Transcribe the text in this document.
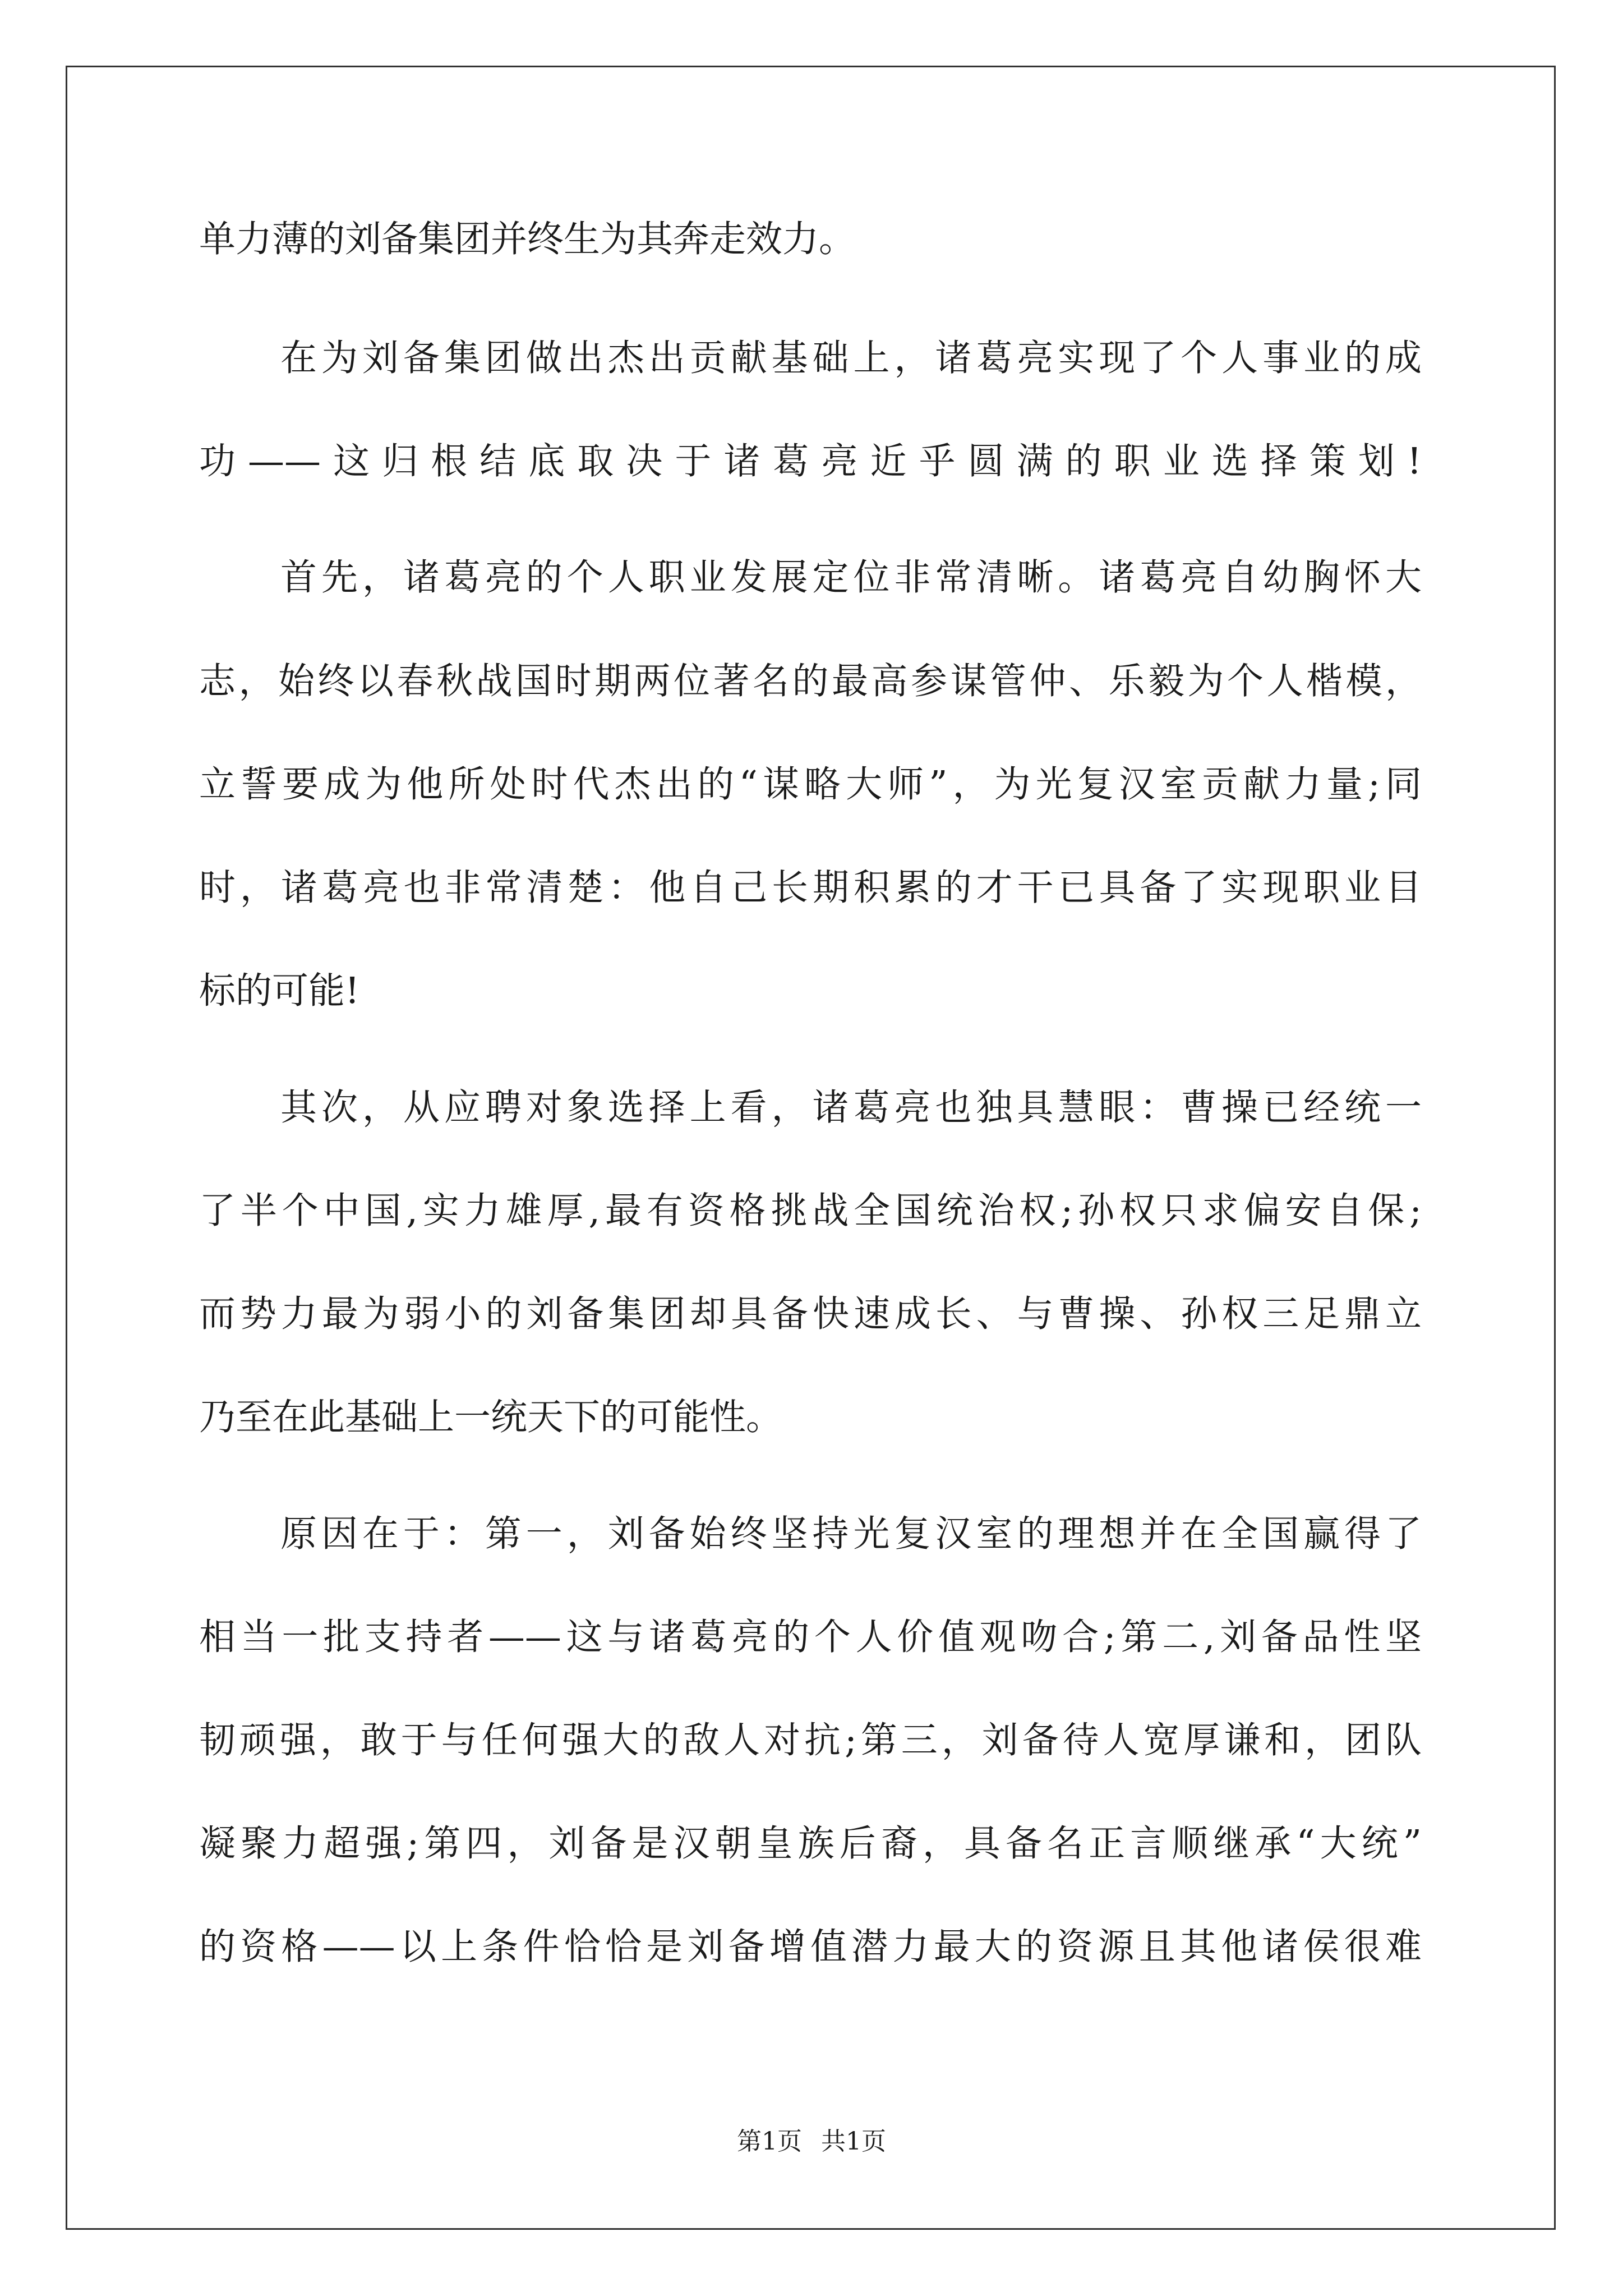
单力薄的刘备集团并终生为其奔走效力。
在为刘备集团做出杰出贡献基础上，诸葛亮实现了个人事业的成
功——这归根结底取决于诸葛亮近乎圆满的职业选择策划!
首先，诸葛亮的个人职业发展定位非常清晰。诸葛亮自幼胸怀大
志，始终以春秋战国时期两位著名的最高参谋管仲、乐毅为个人楷模，
立誓要成为他所处时代杰出的“谋略大师”，为光复汉室贡献力量;同
时，诸葛亮也非常清楚：他自己长期积累的才干已具备了实现职业目
标的可能!
其次，从应聘对象选择上看，诸葛亮也独具慧眼：曹操已经统一
了半个中国,实力雄厚,最有资格挑战全国统治权;孙权只求偏安自保;
而势力最为弱小的刘备集团却具备快速成长、与曹操、孙权三足鼎立
乃至在此基础上一统天下的可能性。
原因在于：第一，刘备始终坚持光复汉室的理想并在全国赢得了
相当一批支持者——这与诸葛亮的个人价值观吻合;第二,刘备品性坚
韧顽强，敢于与任何强大的敌人对抗;第三，刘备待人宽厚谦和，团队
凝聚力超强;第四，刘备是汉朝皇族后裔，具备名正言顺继承“大统”
的资格——以上条件恰恰是刘备增值潜力最大的资源且其他诸侯很难
第1页 共1页
